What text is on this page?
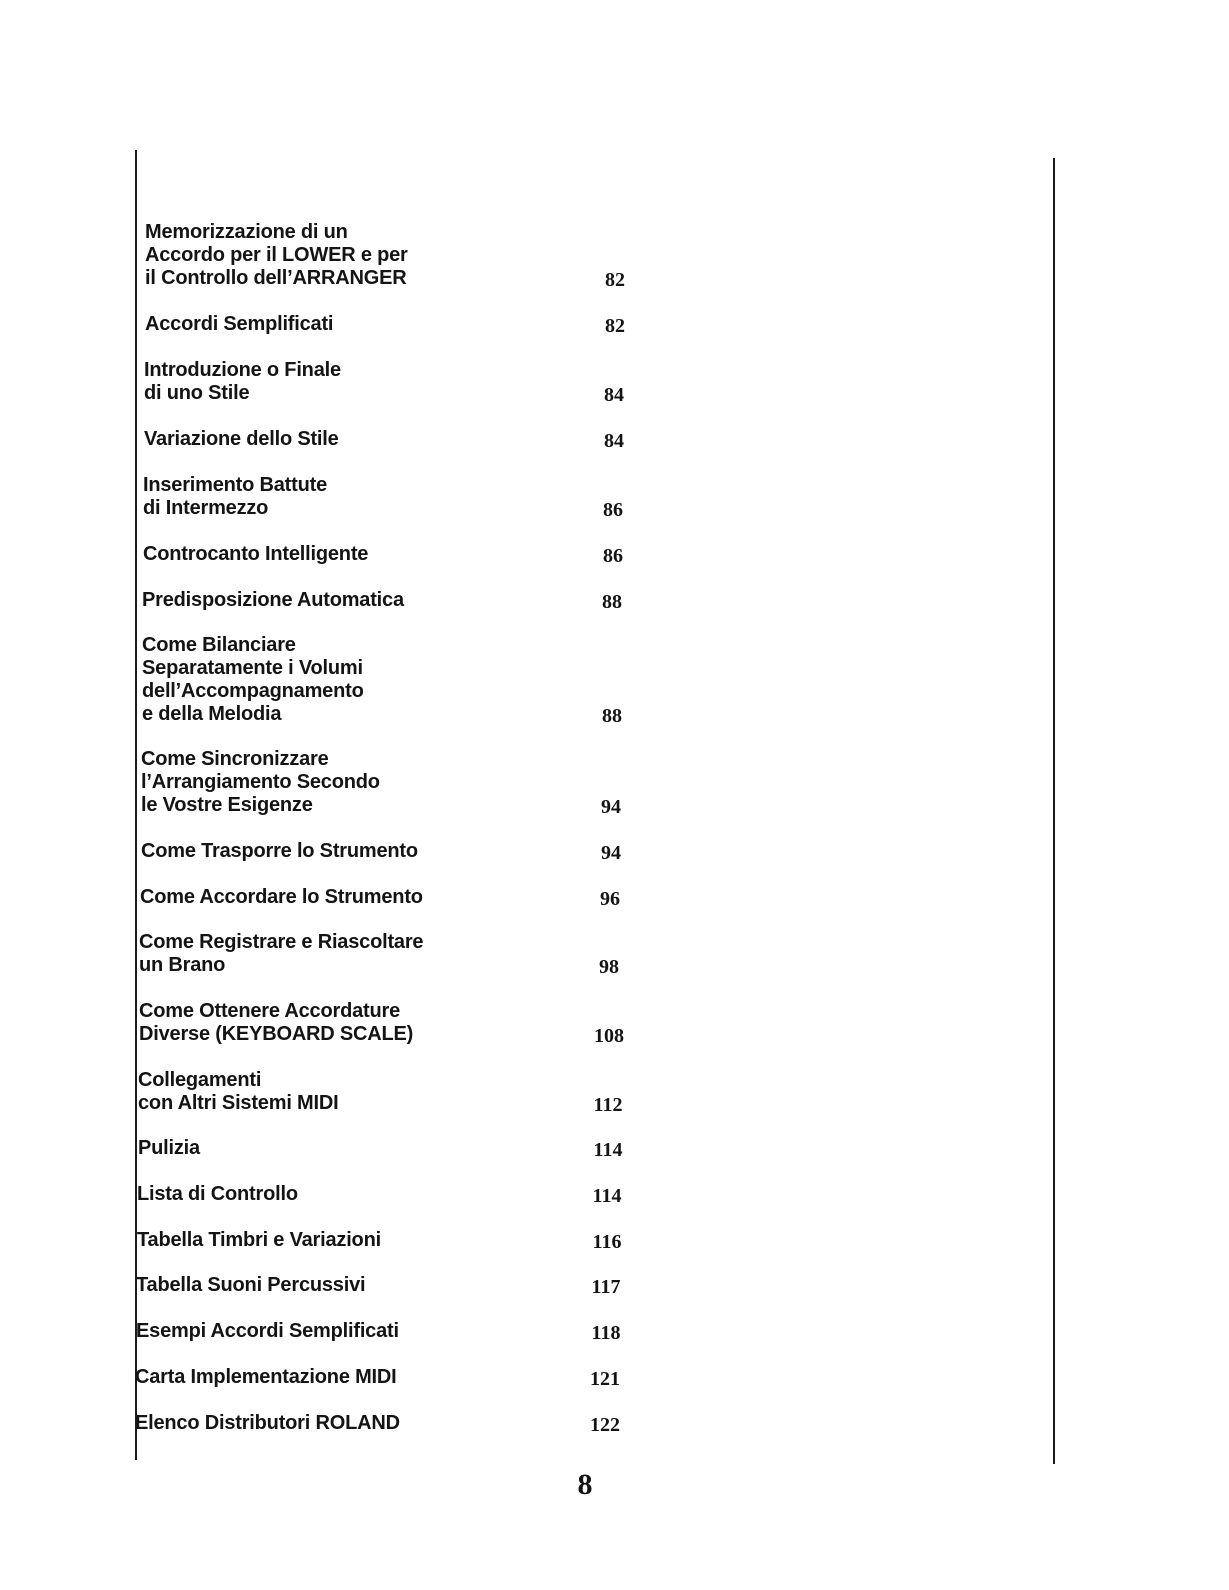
Memorizzazione di un
Accordo per il LOWER e per
il Controllo dell’ARRANGER	82
Accordi Semplificati	82
Introduzione o Finale
di uno Stile	84
Variazione dello Stile	84
Inserimento Battute
di Intermezzo	86
Controcanto Intelligente	86
Predisposizione Automatica	88
Come Bilanciare
Separatamente i Volumi
dell’Accompagnamento
e della Melodia	88
Come Sincronizzare
l’Arrangiamento Secondo
le Vostre Esigenze	94
Come Trasporre lo Strumento	94
Come Accordare lo Strumento	96
Come Registrare e Riascoltare
un Brano	98
Come Ottenere Accordature
Diverse (KEYBOARD SCALE)	108
Collegamenti
con Altri Sistemi MIDI	112
Pulizia	114
Lista di Controllo	114
Tabella Timbri e Variazioni	116
Tabella Suoni Percussivi	117
Esempi Accordi Semplificati	118
Carta Implementazione MIDI	121
Elenco Distributori ROLAND	122
8
